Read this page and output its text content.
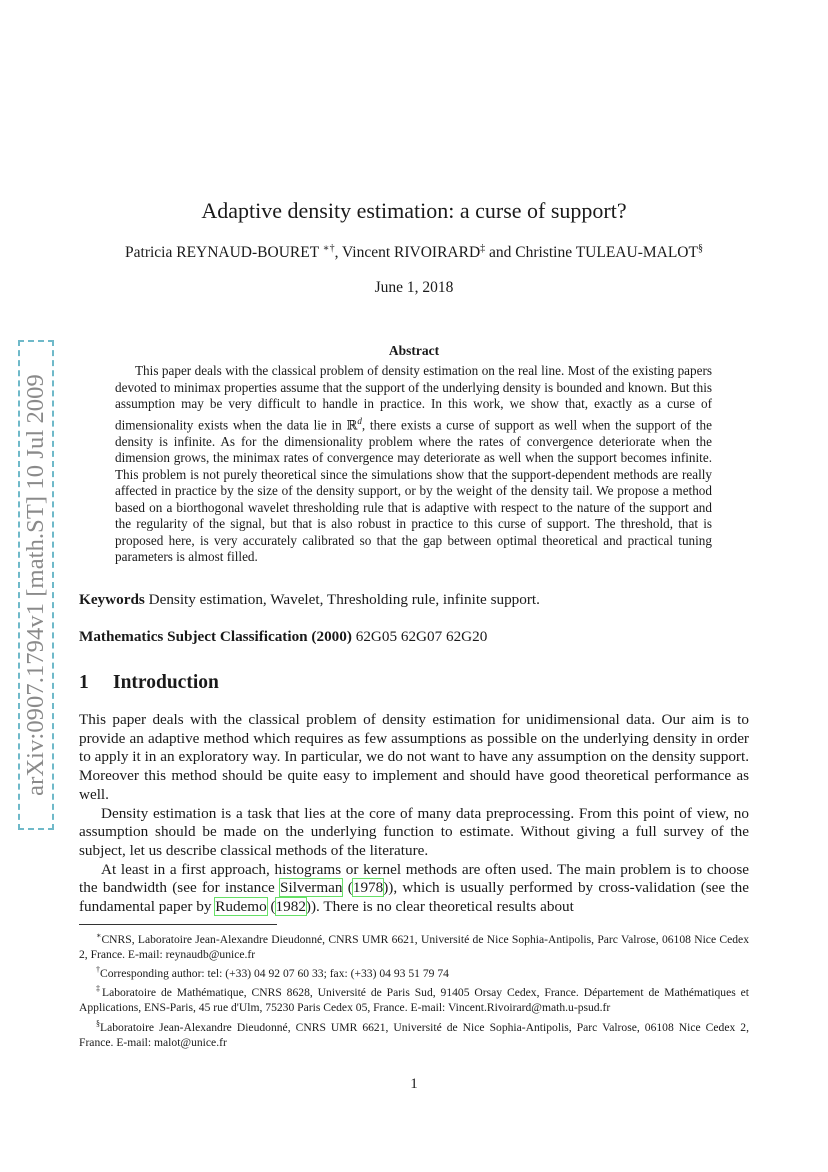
arXiv:0907.1794v1 [math.ST] 10 Jul 2009
Adaptive density estimation: a curse of support?
Patricia REYNAUD-BOURET ∗†, Vincent RIVOIRARD‡ and Christine TULEAU-MALOT§
June 1, 2018
Abstract
This paper deals with the classical problem of density estimation on the real line. Most of the existing papers devoted to minimax properties assume that the support of the underlying density is bounded and known. But this assumption may be very difficult to handle in practice. In this work, we show that, exactly as a curse of dimensionality exists when the data lie in ℝ$^d$, there exists a curse of support as well when the support of the density is infinite. As for the dimensionality problem where the rates of convergence deteriorate when the dimension grows, the minimax rates of convergence may deteriorate as well when the support becomes infinite. This problem is not purely theoretical since the simulations show that the support-dependent methods are really affected in practice by the size of the density support, or by the weight of the density tail. We propose a method based on a biorthogonal wavelet thresholding rule that is adaptive with respect to the nature of the support and the regularity of the signal, but that is also robust in practice to this curse of support. The threshold, that is proposed here, is very accurately calibrated so that the gap between optimal theoretical and practical tuning parameters is almost filled.
Keywords Density estimation, Wavelet, Thresholding rule, infinite support.
Mathematics Subject Classification (2000) 62G05 62G07 62G20
1 Introduction

This paper deals with the classical problem of density estimation for unidimensional data. Our aim is to provide an adaptive method which requires as few assumptions as possible on the underlying density in order to apply it in an exploratory way. In particular, we do not want to have any assumption on the density support. Moreover this method should be quite easy to implement and should have good theoretical performance as well.

Density estimation is a task that lies at the core of many data preprocessing. From this point of view, no assumption should be made on the underlying function to estimate. Without giving a full survey of the subject, let us describe classical methods of the literature.

At least in a first approach, histograms or kernel methods are often used. The main problem is to choose the bandwidth (see for instance Silverman (1978)), which is usually performed by cross-validation (see the fundamental paper by Rudemo (1982)). There is no clear theoretical results about

∗CNRS, Laboratoire Jean-Alexandre Dieudonné, CNRS UMR 6621, Université de Nice Sophia-Antipolis, Parc Valrose, 06108 Nice Cedex 2, France. E-mail: reynaudb@unice.fr

†Corresponding author: tel: (+33) 04 92 07 60 33; fax: (+33) 04 93 51 79 74

‡Laboratoire de Mathématique, CNRS 8628, Université de Paris Sud, 91405 Orsay Cedex, France. Département de Mathématiques et Applications, ENS-Paris, 45 rue d'Ulm, 75230 Paris Cedex 05, France. E-mail: Vincent.Rivoirard@math.u-psud.fr

§Laboratoire Jean-Alexandre Dieudonné, CNRS UMR 6621, Université de Nice Sophia-Antipolis, Parc Valrose, 06108 Nice Cedex 2, France. E-mail: malot@unice.fr

1
